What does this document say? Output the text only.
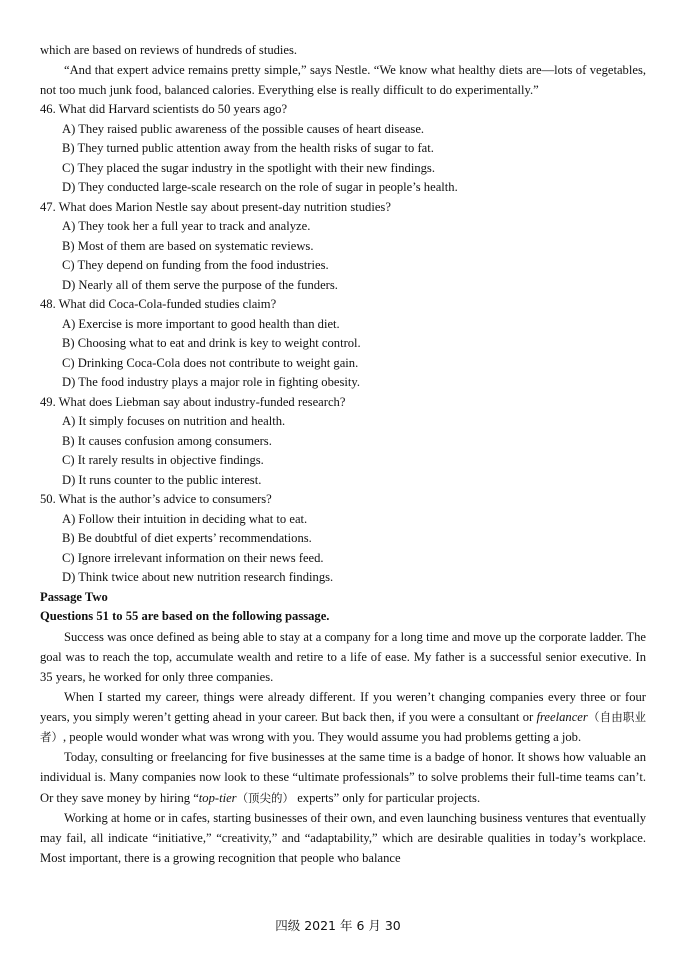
which are based on reviews of hundreds of studies.

“And that expert advice remains pretty simple,” says Nestle. “We know what healthy diets are—lots of vegetables, not too much junk food, balanced calories. Everything else is really difficult to do experimentally.”

46. What did Harvard scientists do 50 years ago?

A) They raised public awareness of the possible causes of heart disease.

B) They turned public attention away from the health risks of sugar to fat.

C) They placed the sugar industry in the spotlight with their new findings.

D) They conducted large-scale research on the role of sugar in people’s health.

47. What does Marion Nestle say about present-day nutrition studies?

A) They took her a full year to track and analyze.

B) Most of them are based on systematic reviews.

C) They depend on funding from the food industries.

D) Nearly all of them serve the purpose of the funders.

48. What did Coca-Cola-funded studies claim?

A) Exercise is more important to good health than diet.

B) Choosing what to eat and drink is key to weight control.

C) Drinking Coca-Cola does not contribute to weight gain.

D) The food industry plays a major role in fighting obesity.

49. What does Liebman say about industry-funded research?

A) It simply focuses on nutrition and health.

B) It causes confusion among consumers.

C) It rarely results in objective findings.

D) It runs counter to the public interest.

50. What is the author’s advice to consumers?

A) Follow their intuition in deciding what to eat.

B) Be doubtful of diet experts’ recommendations.

C) Ignore irrelevant information on their news feed.

D) Think twice about new nutrition research findings.

Passage Two

Questions 51 to 55 are based on the following passage.

Success was once defined as being able to stay at a company for a long time and move up the corporate ladder. The goal was to reach the top, accumulate wealth and retire to a life of ease. My father is a successful senior executive. In 35 years, he worked for only three companies.

When I started my career, things were already different. If you weren’t changing companies every three or four years, you simply weren’t getting ahead in your career. But back then, if you were a consultant or freelancer（自由职业者）, people would wonder what was wrong with you. They would assume you had problems getting a job.

Today, consulting or freelancing for five businesses at the same time is a badge of honor. It shows how valuable an individual is. Many companies now look to these “ultimate professionals” to solve problems their full-time teams can’t. Or they save money by hiring “top-tier（顶尖的） experts” only for particular projects.

Working at home or in cafes, starting businesses of their own, and even launching business ventures that eventually may fail, all indicate “initiative,” “creativity,” and “adaptability,” which are desirable qualities in today’s workplace. Most important, there is a growing recognition that people who balance

四级 2021 年 6 月 30
